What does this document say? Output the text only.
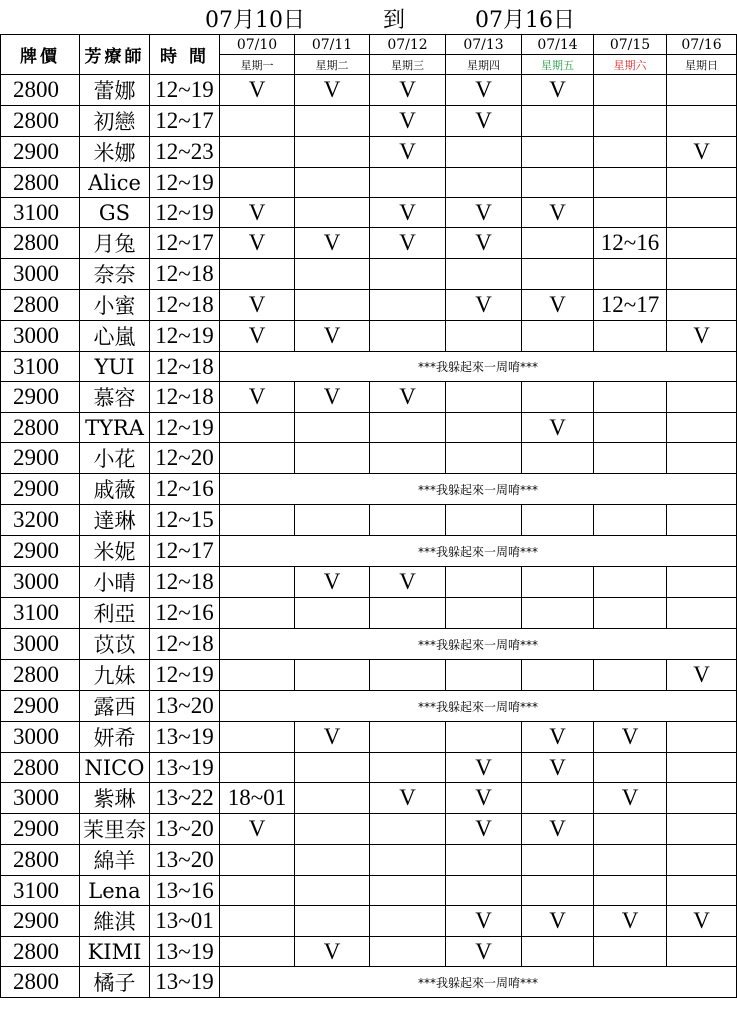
07月10日	到	07月16日
牌價	芳療師	時 間	07/10	07/11	07/12	07/13	07/14	07/15	07/16
			星期一	星期二	星期三	星期四	星期五	星期六	星期日
2800	蕾娜	12~19	V	V	V	V	V		
2800	初戀	12~17			V	V			
2900	米娜	12~23			V				V
2800	Alice	12~19							
3100	GS	12~19	V		V	V	V		
2800	月兔	12~17	V	V	V	V		12~16	
3000	奈奈	12~18							
2800	小蜜	12~18	V			V	V	12~17	
3000	心嵐	12~19	V	V					V
3100	YUI	12~18	***我躲起來一周唷***						
2900	慕容	12~18	V	V	V				
2800	TYRA	12~19					V		
2900	小花	12~20							
2900	戚薇	12~16	***我躲起來一周唷***						
3200	達琳	12~15							
2900	米妮	12~17	***我躲起來一周唷***						
3000	小晴	12~18		V	V				
3100	利亞	12~16							
3000	苡苡	12~18	***我躲起來一周唷***						
2800	九妹	12~19							V
2900	露西	13~20	***我躲起來一周唷***						
3000	妍希	13~19		V			V	V	
2800	NICO	13~19				V	V		
3000	紫琳	13~22	18~01		V	V		V	
2900	茉里奈	13~20	V			V	V		
2800	綿羊	13~20							
3100	Lena	13~16							
2900	維淇	13~01				V	V	V	V
2800	KIMI	13~19		V		V			
2800	橘子	13~19	***我躲起來一周唷***						
